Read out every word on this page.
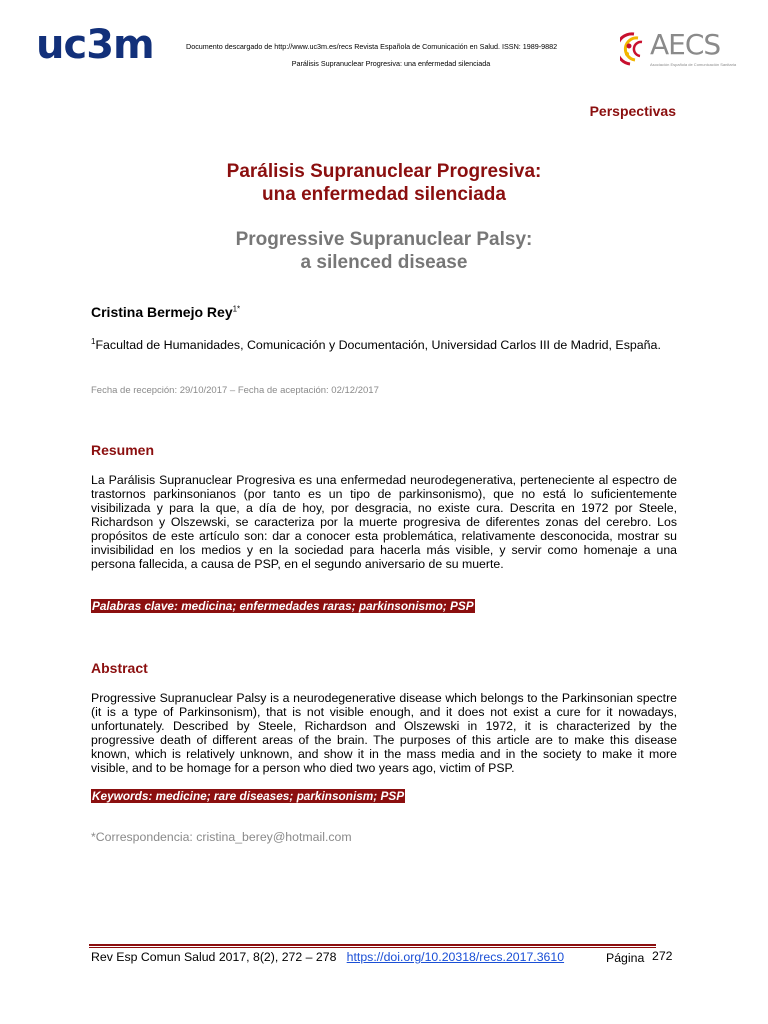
uc3m	Documento descargado de http://www.uc3m.es/recs Revista Española de Comunicación en Salud. ISSN: 1989-9882
Parálisis Supranuclear Progresiva: una enfermedad silenciada
AECS
Asociación Española de Comunicación Sanitaria
Perspectivas
Parálisis Supranuclear Progresiva:
una enfermedad silenciada
Progressive Supranuclear Palsy:
a silenced disease
Cristina Bermejo Rey$^{1*}$
$^1$Facultad de Humanidades, Comunicación y Documentación, Universidad Carlos III de Madrid, España.
Fecha de recepción: 29/10/2017 – Fecha de aceptación: 02/12/2017
Resumen
La Parálisis Supranuclear Progresiva es una enfermedad neurodegenerativa, perteneciente al espectro de trastornos parkinsonianos (por tanto es un tipo de parkinsonismo), que no está lo suficientemente visibilizada y para la que, a día de hoy, por desgracia, no existe cura. Descrita en 1972 por Steele, Richardson y Olszewski, se caracteriza por la muerte progresiva de diferentes zonas del cerebro. Los propósitos de este artículo son: dar a conocer esta problemática, relativamente desconocida, mostrar su invisibilidad en los medios y en la sociedad para hacerla más visible, y servir como homenaje a una persona fallecida, a causa de PSP, en el segundo aniversario de su muerte.
Palabras clave: medicina; enfermedades raras; parkinsonismo; PSP
Abstract
Progressive Supranuclear Palsy is a neurodegenerative disease which belongs to the Parkinsonian spectre (it is a type of Parkinsonism), that is not visible enough, and it does not exist a cure for it nowadays, unfortunately. Described by Steele, Richardson and Olszewski in 1972, it is characterized by the progressive death of different areas of the brain. The purposes of this article are to make this disease known, which is relatively unknown, and show it in the mass media and in the society to make it more visible, and to be homage for a person who died two years ago, victim of PSP.
Keywords: medicine; rare diseases; parkinsonism; PSP
*Correspondencia: cristina_berey@hotmail.com
Rev Esp Comun Salud 2017, 8(2), 272 – 278 https://doi.org/10.20318/recs.2017.3610	Página 272
